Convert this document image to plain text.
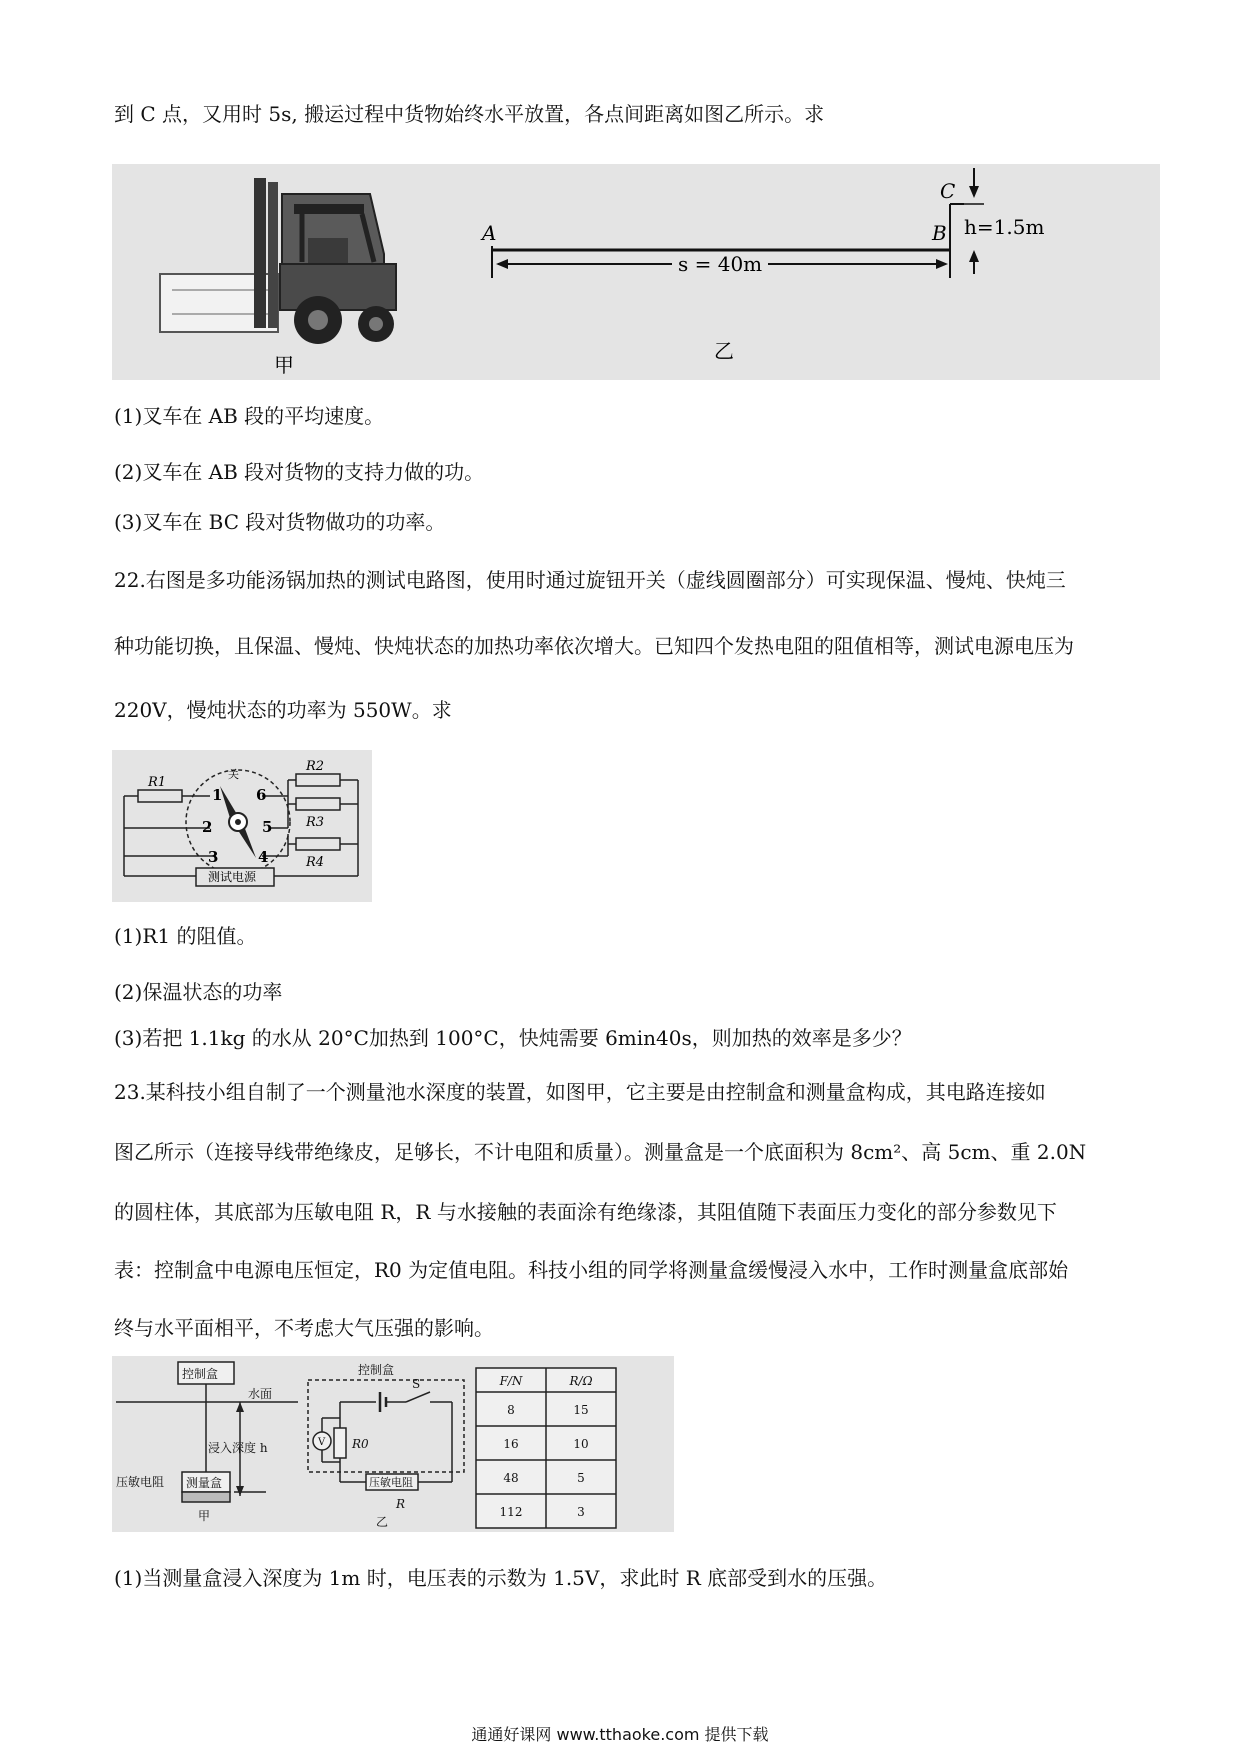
到 C 点，又用时 5s, 搬运过程中货物始终水平放置，各点间距离如图乙所示。求
甲
s = 40m
h=1.5m
A	B
C
乙
(1)叉车在 AB 段的平均速度。
(2)叉车在 AB 段对货物的支持力做的功。
(3)叉车在 BC 段对货物做功的功率。
22.右图是多功能汤锅加热的测试电路图，使用时通过旋钮开关（虚线圆圈部分）可实现保温、慢炖、快炖三
种功能切换，且保温、慢炖、快炖状态的加热功率依次增大。已知四个发热电阻的阻值相等，测试电源电压为
220V，慢炖状态的功率为 550W。求
R1
R2
R3
R4
关
1
2
3	4
5
6
测试电源
(1)R1 的阻值。
(2)保温状态的功率
(3)若把 1.1kg 的水从 20°C加热到 100°C，快炖需要 6min40s，则加热的效率是多少？
23.某科技小组自制了一个测量池水深度的装置，如图甲，它主要是由控制盒和测量盒构成，其电路连接如
图乙所示（连接导线带绝缘皮，足够长，不计电阻和质量）。测量盒是一个底面积为 8cm²、高 5cm、重 2.0N
的圆柱体，其底部为压敏电阻 R，R 与水接触的表面涂有绝缘漆，其阻值随下表面压力变化的部分参数见下
表：控制盒中电源电压恒定，R0 为定值电阻。科技小组的同学将测量盒缓慢浸入水中，工作时测量盒底部始
终与水平面相平，不考虑大气压强的影响。
控制盒
水面
浸入深度 h
压敏电阻 测量盒
甲
控制盒
S
V R0
压敏电阻
R
乙
F/N	R/Ω
8	15
16	10
48	5
112	3
(1)当测量盒浸入深度为 1m 时，电压表的示数为 1.5V，求此时 R 底部受到水的压强。
通通好课网 www.tthaoke.com 提供下载
